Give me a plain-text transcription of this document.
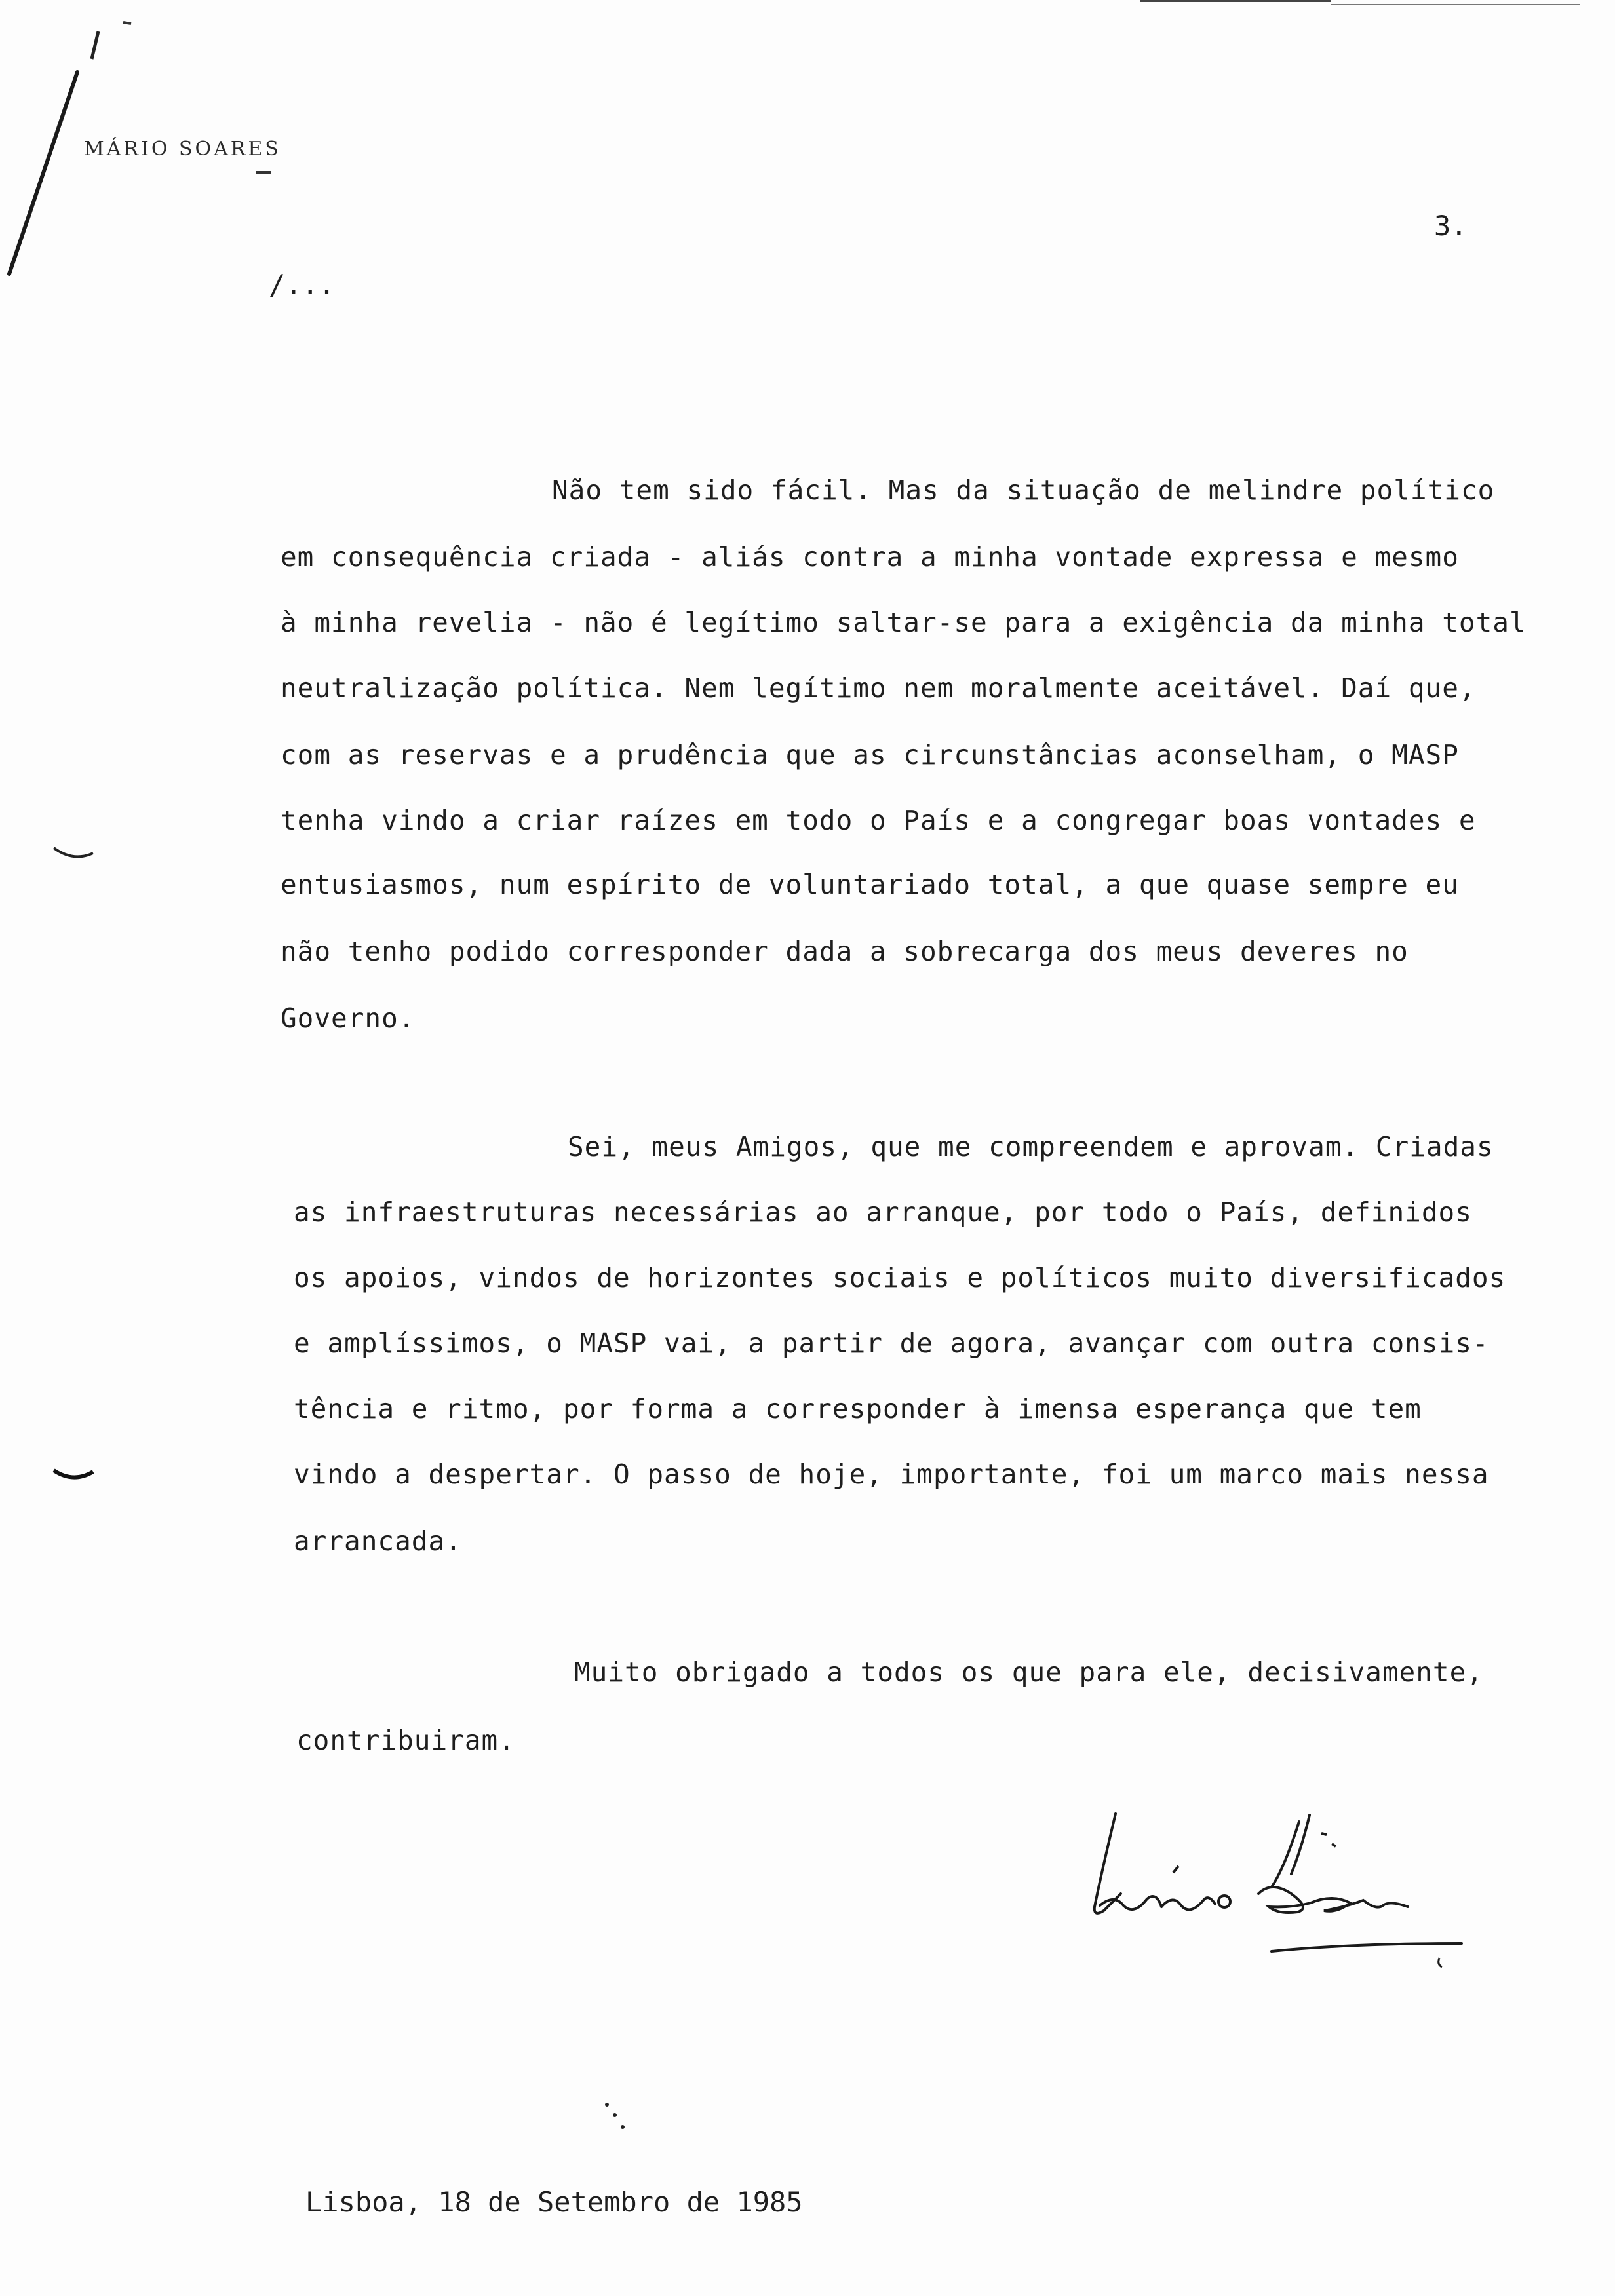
MÁRIO SOARES
3.
/...
Não tem sido fácil. Mas da situação de melindre político
em consequência criada - aliás contra a minha vontade expressa e mesmo
à minha revelia - não é legítimo saltar-se para a exigência da minha total
neutralização política. Nem legítimo nem moralmente aceitável. Daí que,
com as reservas e a prudência que as circunstâncias aconselham, o MASP
tenha vindo a criar raízes em todo o País e a congregar boas vontades e
entusiasmos, num espírito de voluntariado total, a que quase sempre eu
não tenho podido corresponder dada a sobrecarga dos meus deveres no
Governo.
Sei, meus Amigos, que me compreendem e aprovam. Criadas
as infraestruturas necessárias ao arranque, por todo o País, definidos
os apoios, vindos de horizontes sociais e políticos muito diversificados
e amplíssimos, o MASP vai, a partir de agora, avançar com outra consis-
tência e ritmo, por forma a corresponder à imensa esperança que tem
vindo a despertar. O passo de hoje, importante, foi um marco mais nessa
arrancada.
Muito obrigado a todos os que para ele, decisivamente,
contribuiram.
Lisboa, 18 de Setembro de 1985
